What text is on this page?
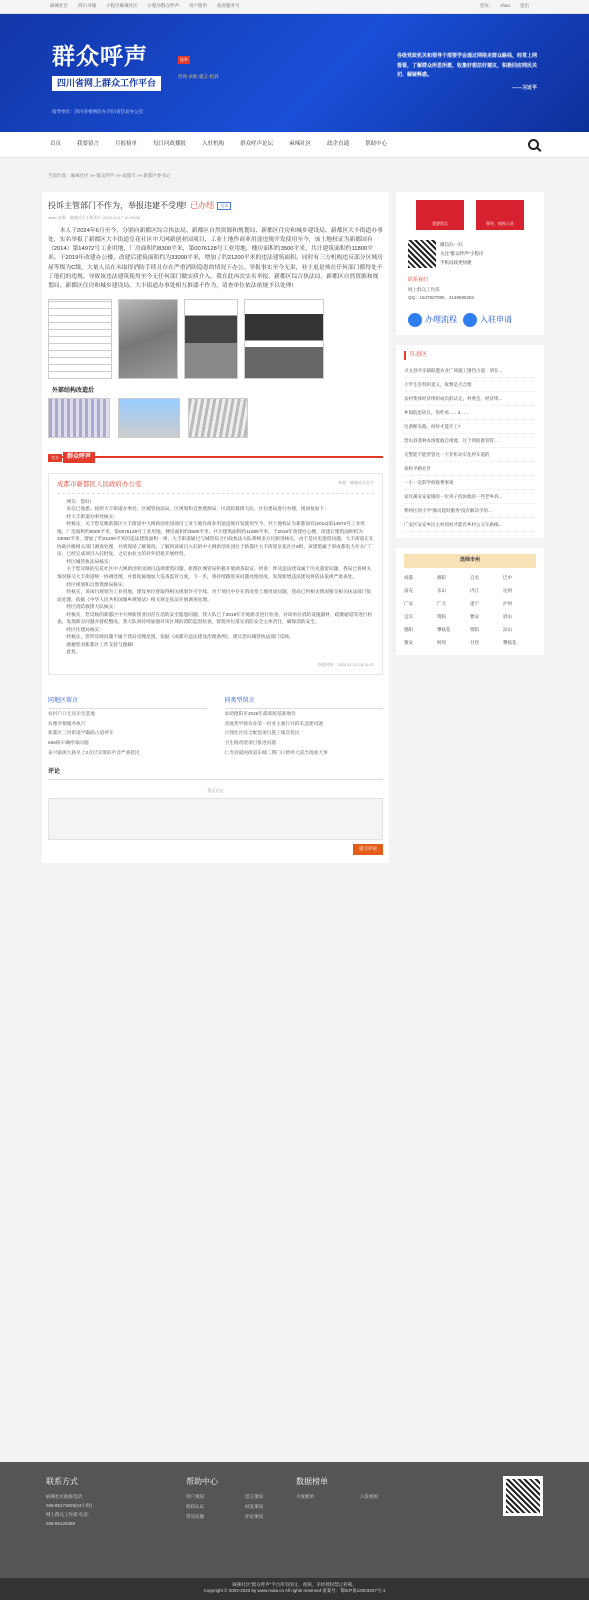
麻辣社区 四川书城 小程序麻辣社区 小程序群众呼声 用户使用 政府服务号	您好, zhao 退出
群众呼声
四川省网上群众工作平台
选举
咨询·求助·建言·投诉
指导单位：四川省委网信办 四川省信访办公室
各级党政机关和领导干部要学会通过网络走群众路线，经常上网看看，了解群众所思所愿，收集好想法好建议，积极回应网民关切、解疑释惑。
——习近平
首页	我要留言	月报榜单	每日问政播报	入驻机构	群众呼声论坛	麻辣社区	政企直通	帮助中心
当前位置：麻辣社区 >> 群众呼声 >> 成都市 >> 新都区委书记
投诉主管部门不作为，举报违建不受理! 已办结	投诉
zhao 来源：麻辣社区手机用户 2024-11-17 15:20:06
本人于2024年6月至今，分别向新都区综合执法局、新都区自然资源和规划局、新都区住房和城乡建设局、新都区大丰街道办事处，实名举报了新都区大丰街道皇花社区中大网新创业园项目，工业土地作商业用途违规开发使用至今，该土地权证为新都国有（2014）第14972号工业用地，厂房面积约8300平米，第0076128号工业用地，楼房面积约3500平米，共计建筑面积约11800平米。于2019年改建办公楼，改建后建筑面积约为33000平米，增加了约21200平米的违法建筑面积。同时有三方机构违反部分区域房屋等级为C级，大量人员在未取得消防手续且存在严重消防隐患的情况下办公。举报事实至今无果，业主更是须在任何部门都得处不了他们的违规。导致该违法建筑使用至今无任何部门做实质介入。我在此再次实名举报，新都区综合执法局、新都区自然资源和规划局、新都区住房和城乡建设局、大丰街道办事处相互推诿不作为，请查单位依法依规予以处理!
外部结构改造后
官方	群众呼声
成都市新都区人民政府办公室	来源：麻辣社区官方

网友：您好!

来信已收悉。按照大丰街道办事处、区城管执法局、区规划和自然资源局、区消防救援大队、区住建局进行办理，现回复如下：

经大丰街道办事处核实：

经核实，关于您反映新都区大丰街道中大网新创业园项目工业土地作商业用途违规开发使用至今，共土地权证为新都国有(2014)第14972号工业用地，厂房面积约8300平米，第0076128号工业用地，楼房面积约3500平米，共计建筑面积约11800平米，于2019年改建办公楼，改建后建筑面积约为33000平米，增加了约21200平米的违法建筑面积一事，大丰街道通过与城管综合行政执法大队系统多方位跟进核实，由于是历史遗留问题，大丰街道正在协助区级相关部门调查处理，并到现场了解情况。了解到该项目入驻的中大网新创业园位于新都区大丰街道皇花社区5组，该建筑属于原成都电力开关厂厂房，已经完成项目入驻批复，之后由业主的对外招租开展经营。

经区城管执法局核实：

关于您反映的皇花社区中大网新创业园项目违规建筑问题，新都区城管局积极开展调查取证。经查：涉及违法建设属于历史遗留问题，我局已将相关情况移交大丰街道统一协调处理，并督促属地加大巡查监管力度。下一步，将持续跟进该问题处理进度，发现新增违法建设将依法依规严肃查处。

经区规划和自然资源局核实：

经核实，该项目规划为工业用地，建设单位曾取得相关规划许可手续。对于项目中存在的改变土地用途问题，我局已将相关情况移交相关执法部门依法处理，依据《中华人民共和国城乡规划法》相关规定依法开展调查处理。

经区消防救援大队核实：

经核实，您反映的新都区中大网新创业园存在消防安全隐患问题，我大队已于2019年开始派员进行检查，对该单位消防设施器材、疏散通道等进行检查，发现部分问题并督促整改。我大队将持续加强对该区域的消防监督检查，督促单位落实消防安全主体责任，确保消防安全。

经区住建局核实：

经核实，您所反映问题不属于我局受理范围，依据《成都市违法建设治理条例》，建议您向城管执法部门反映。

感谢您对新都区工作支持与理解!

此复。

答复时间：2024-11-29 16:11:47
同地区留言
农村户口无房无宅基地
农雅伞便服务执行
新都区三河街道学霸路占道停车
666路车辆停靠问题
泰兴镇街九路早上2点过卖菜的声音严重扰民
同类型留言
求助德阳市2025年最新版基准地价
双流黄甲镇农业第一村业主强行开辟未违建问题
兴翔社区综合配套项目施工噪音扰民
卫生路改建项目推进问题
仁寿县最困街道东城二期门口暂停大道出现重大事
评论
暂无评论
提交评论
我要留言	领导、机构入驻
微信扫一扫
关注“群众呼声”小程序
手机问政更快捷
联系我们
网上群众工作部
QQ：1537937085，2149695282
办理流程	入驻申请
互动区
兴文县共乐镇联盟农业广场施工围挡占道：请在...
小学生崇拜的意义，收费是否合理
农村集体经济组织成员的认定、村委会、经济组...
乡间院里砖瓦，你咋看……4……
这条断头路，何时才能开工?
营山县蒸林农场废液自排流，这个到底谁管管...
交警能不能管管这一下非机动车乱停车道的
泰和平路社区
一小一次辞学校收费事项
家住蒲安安家镇的一位男子投诉他的一些老乡诉...
利州区的小学“满员延时服务”没有解决手的...
广安区安安乡民主村同村才能有乡村公交车路线...
选择市州
成都	绵阳	自贡	巴中
南充	乐山	内江	达州
广安	广元	遂宁	泸州
宜宾	资阳	雅安	眉山
德阳	攀枝花	资阳	凉山
雅安	阿坝	甘孜	攀枝花
联系方式
麻辣社区值班电话：
028-85173829(24小时)
网上群众工作部 电话：
028-86126368
帮助中心
用户须知	留言须知
机构认证	回复须知
常见问题	评论须知
数据榜单
月度榜单	入驻机构
麻辣社区“群众呼声”平台所有图文、视频，未经授权禁止转载。
Copyright © 2003-2023 by www.mala.cn All rights reserved 备案号：蜀ICP备12003267号-1
